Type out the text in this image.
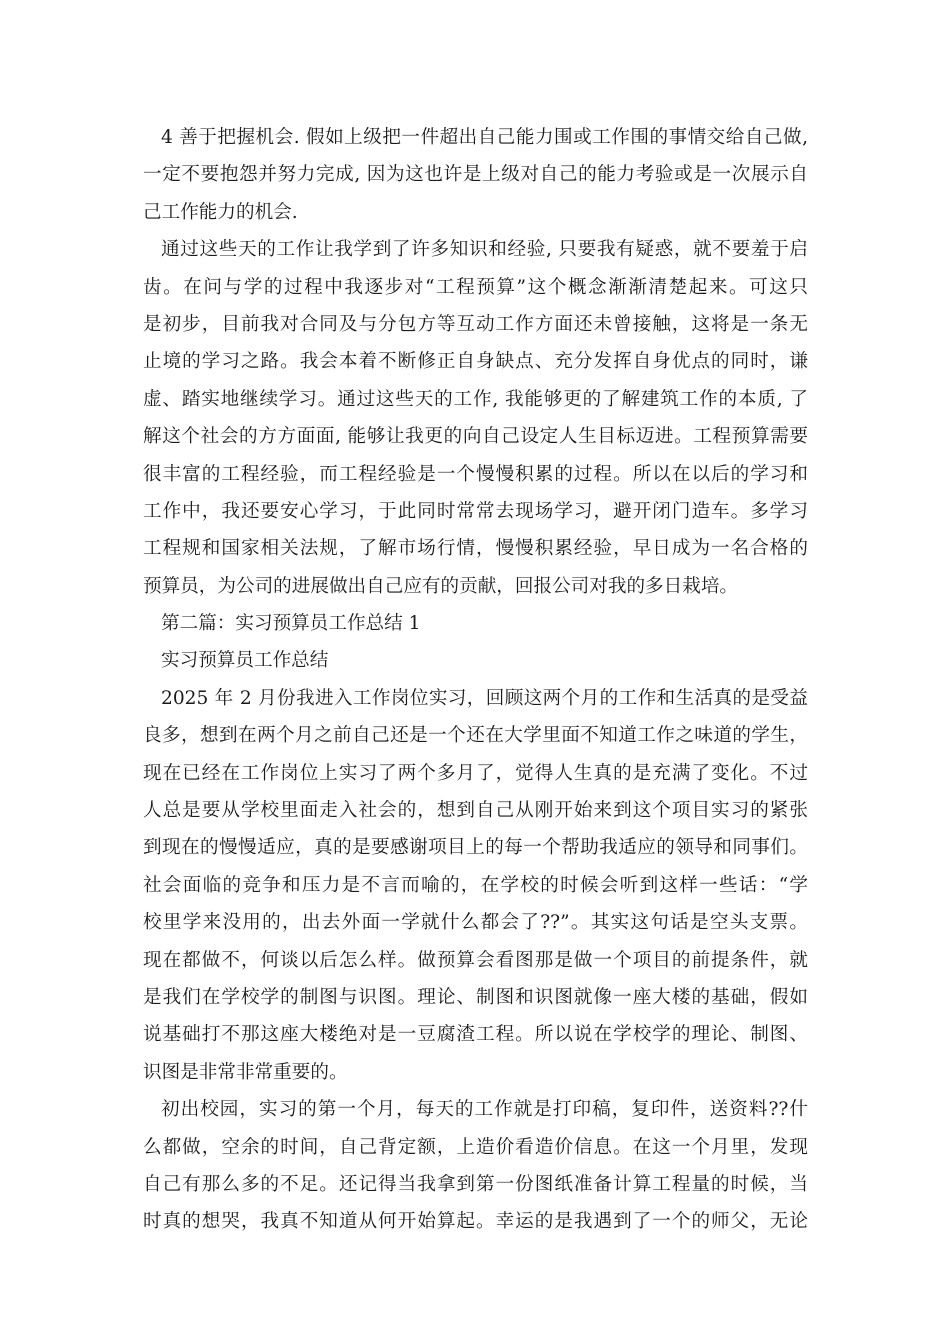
4 善于把握机会. 假如上级把一件超出自己能力围或工作围的事情交给自己做,
一定不要抱怨并努力完成, 因为这也许是上级对自己的能力考验或是一次展示自
己工作能力的机会.
通过这些天的工作让我学到了许多知识和经验, 只要我有疑惑，就不要羞于启
齿。在问与学的过程中我逐步对“工程预算”这个概念渐渐清楚起来。可这只
是初步，目前我对合同及与分包方等互动工作方面还未曾接触，这将是一条无
止境的学习之路。我会本着不断修正自身缺点、充分发挥自身优点的同时，谦
虚、踏实地继续学习。通过这些天的工作, 我能够更的了解建筑工作的本质, 了
解这个社会的方方面面, 能够让我更的向自己设定人生目标迈进。工程预算需要
很丰富的工程经验，而工程经验是一个慢慢积累的过程。所以在以后的学习和
工作中，我还要安心学习，于此同时常常去现场学习，避开闭门造车。多学习
工程规和国家相关法规，了解市场行情，慢慢积累经验，早日成为一名合格的
预算员，为公司的进展做出自己应有的贡献，回报公司对我的多日栽培。
第二篇：实习预算员工作总结 1
实习预算员工作总结
2025 年 2 月份我进入工作岗位实习，回顾这两个月的工作和生活真的是受益
良多，想到在两个月之前自己还是一个还在大学里面不知道工作之味道的学生，
现在已经在工作岗位上实习了两个多月了，觉得人生真的是充满了变化。不过
人总是要从学校里面走入社会的，想到自己从刚开始来到这个项目实习的紧张
到现在的慢慢适应，真的是要感谢项目上的每一个帮助我适应的领导和同事们。
社会面临的竞争和压力是不言而喻的，在学校的时候会听到这样一些话：“学
校里学来没用的，出去外面一学就什么都会了??”。其实这句话是空头支票。
现在都做不，何谈以后怎么样。做预算会看图那是做一个项目的前提条件，就
是我们在学校学的制图与识图。理论、制图和识图就像一座大楼的基础，假如
说基础打不那这座大楼绝对是一豆腐渣工程。所以说在学校学的理论、制图、
识图是非常非常重要的。
初出校园，实习的第一个月，每天的工作就是打印稿，复印件，送资料??什
么都做，空余的时间，自己背定额，上造价看造价信息。在这一个月里，发现
自己有那么多的不足。还记得当我拿到第一份图纸准备计算工程量的时候，当
时真的想哭，我真不知道从何开始算起。幸运的是我遇到了一个的师父，无论
